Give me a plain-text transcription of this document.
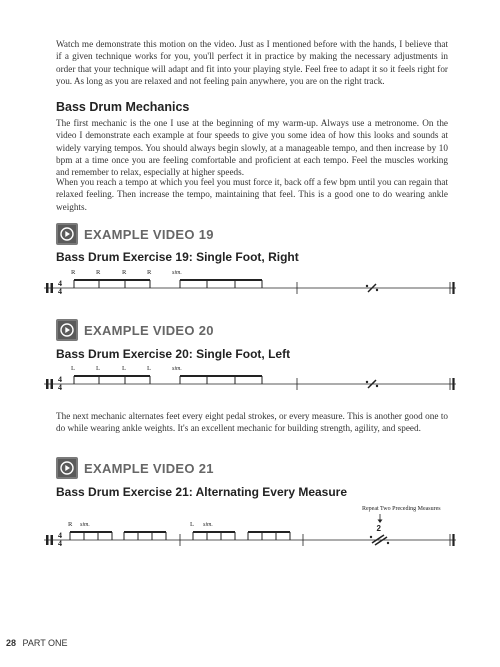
Watch me demonstrate this motion on the video. Just as I mentioned before with the hands, I believe that if a given technique works for you, you'll perfect it in practice by making the necessary adjustments in order that your technique will adapt and fit into your playing style. Feel free to adapt it so it feels right for you. As long as you are relaxed and not feeling pain anywhere, you are on the right track.

Bass Drum Mechanics

The first mechanic is the one I use at the beginning of my warm-up. Always use a metronome. On the video I demonstrate each example at four speeds to give you some idea of how this looks and sounds at widely varying tempos. You should always begin slowly, at a manageable tempo, and then increase by 10 bpm at a time once you are feeling comfortable and proficient at each tempo. Feel the muscles working and remember to relax, especially at higher speeds.

When you reach a tempo at which you feel you must force it, back off a few bpm until you can regain that relaxed feeling. Then increase the tempo, maintaining that feel. This is a good one to do wearing ankle weights.

EXAMPLE VIDEO 19
Bass Drum Exercise 19: Single Foot, Right
EXAMPLE VIDEO 20
Bass Drum Exercise 20: Single Foot, Left

The next mechanic alternates feet every eight pedal strokes, or every measure. This is another good one to do while wearing ankle weights. It's an excellent mechanic for building strength, agility, and speed.

EXAMPLE VIDEO 21
Bass Drum Exercise 21: Alternating Every Measure
4
4
R	R	R	R	sim.
4
4
L	L	L	L	sim.
4
4
R sim.	L sim.
Repeat Two Preceding Measures
2
28 PART ONE
